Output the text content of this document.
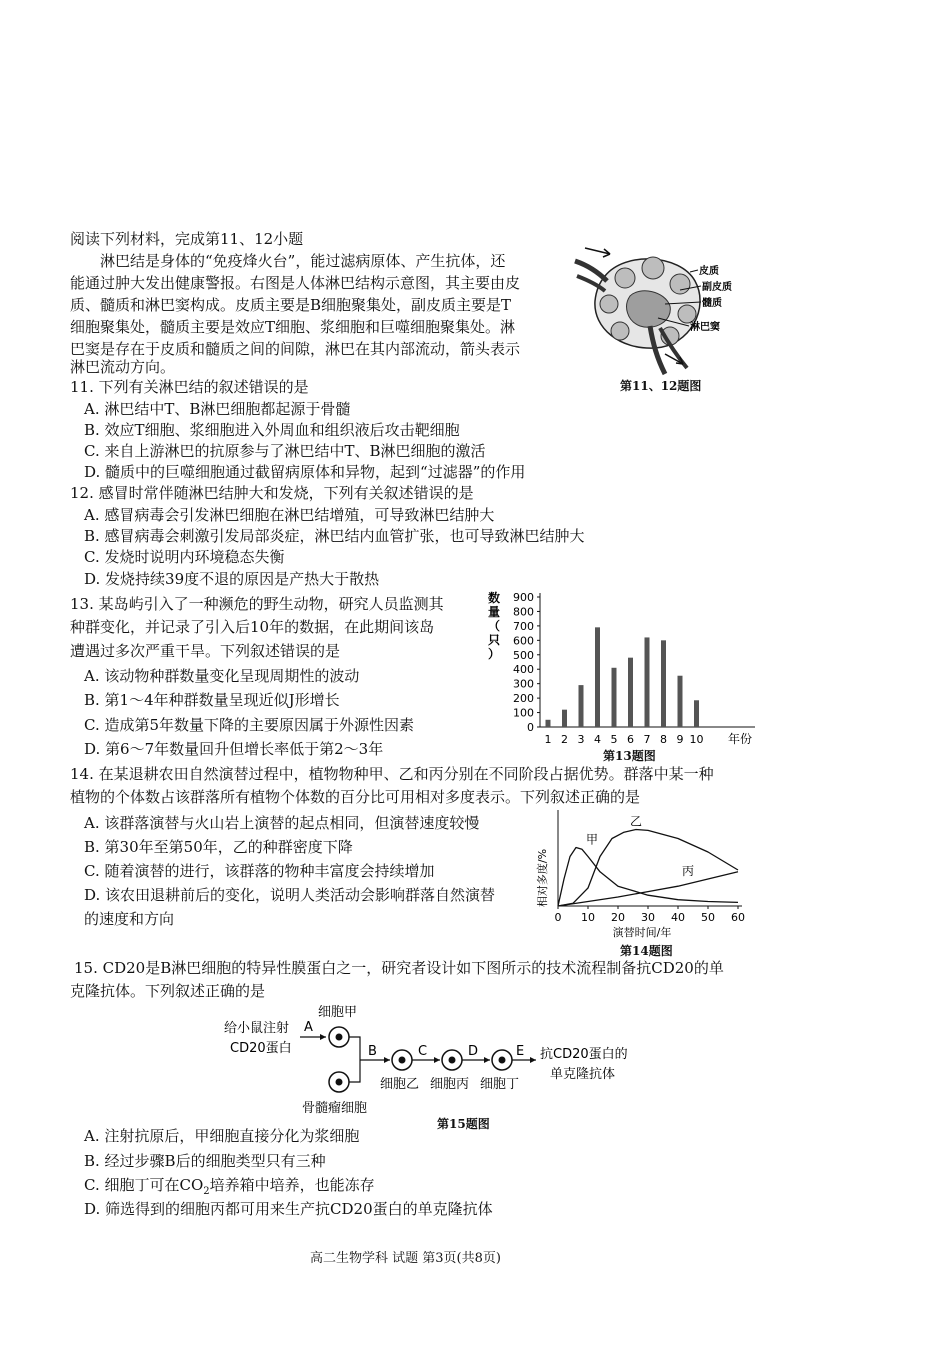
阅读下列材料，完成第11、12小题
淋巴结是身体的“免疫烽火台”，能过滤病原体、产生抗体，还
能通过肿大发出健康警报。右图是人体淋巴结构示意图，其主要由皮
质、髓质和淋巴窦构成。皮质主要是B细胞聚集处，副皮质主要是T
细胞聚集处，髓质主要是效应T细胞、浆细胞和巨噬细胞聚集处。淋
巴窦是存在于皮质和髓质之间的间隙，淋巴在其内部流动，箭头表示
淋巴流动方向。
皮质
副皮质
髓质
淋巴窦
第11、12题图
11. 下列有关淋巴结的叙述错误的是
A. 淋巴结中T、B淋巴细胞都起源于骨髓
B. 效应T细胞、浆细胞进入外周血和组织液后攻击靶细胞
C. 来自上游淋巴的抗原参与了淋巴结中T、B淋巴细胞的激活
D. 髓质中的巨噬细胞通过截留病原体和异物，起到“过滤器”的作用
12. 感冒时常伴随淋巴结肿大和发烧，下列有关叙述错误的是
A. 感冒病毒会引发淋巴细胞在淋巴结增殖，可导致淋巴结肿大
B. 感冒病毒会刺激引发局部炎症，淋巴结内血管扩张，也可导致淋巴结肿大
C. 发烧时说明内环境稳态失衡
D. 发烧持续39度不退的原因是产热大于散热
13. 某岛屿引入了一种濒危的野生动物，研究人员监测其
种群变化，并记录了引入后10年的数据，在此期间该岛
遭遇过多次严重干旱。下列叙述错误的是
A. 该动物种群数量变化呈现周期性的波动
B. 第1～4年种群数量呈现近似J形增长
C. 造成第5年数量下降的主要原因属于外源性因素
D. 第6～7年数量回升但增长率低于第2～3年
数
量
（
只
）
0
100
200
300
400
500
600
700
800
900
1 2 3 4 5 6 7 8 9 10 年份
第13题图
14. 在某退耕农田自然演替过程中，植物物种甲、乙和丙分别在不同阶段占据优势。群落中某一种
植物的个体数占该群落所有植物个体数的百分比可用相对多度表示。下列叙述正确的是
A. 该群落演替与火山岩上演替的起点相同，但演替速度较慢
B. 第30年至第50年，乙的种群密度下降
C. 随着演替的进行，该群落的物种丰富度会持续增加
D. 该农田退耕前后的变化，说明人类活动会影响群落自然演替
的速度和方向
相对多度/%
甲
乙
丙
0 10 20 30 40 50 60
演替时间/年
第14题图
15. CD20是B淋巴细胞的特异性膜蛋白之一，研究者设计如下图所示的技术流程制备抗CD20的单
克隆抗体。下列叙述正确的是
给小鼠注射
CD20蛋白
细胞甲
A
骨髓瘤细胞
B	C	D	E
细胞乙 细胞丙 细胞丁
抗CD20蛋白的
单克隆抗体
第15题图
A. 注射抗原后，甲细胞直接分化为浆细胞
B. 经过步骤B后的细胞类型只有三种
C. 细胞丁可在$CO_2$培养箱中培养，也能冻存
D. 筛选得到的细胞丙都可用来生产抗CD20蛋白的单克隆抗体
高二生物学科 试题 第3页(共8页)
